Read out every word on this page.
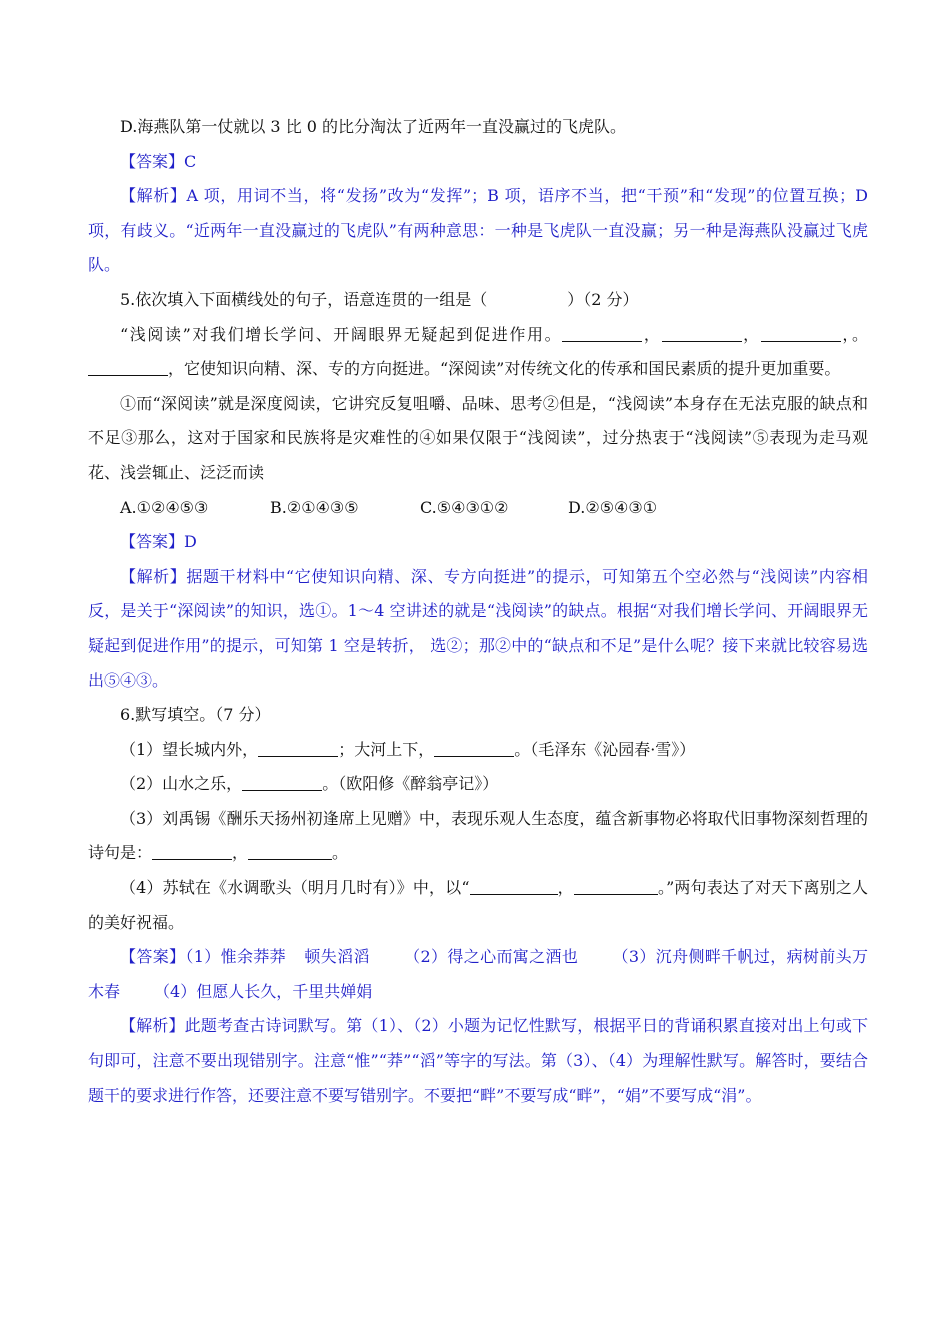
D.海燕队第一仗就以 3 比 0 的比分淘汰了近两年一直没赢过的飞虎队。

【答案】C

【解析】A 项，用词不当，将“发扬”改为“发挥”；B 项，语序不当，把“干预”和“发现”的位置互换；D 项，有歧义。“近两年一直没赢过的飞虎队”有两种意思：一种是飞虎队一直没赢；另一种是海燕队没赢过飞虎队。

5.依次填入下面横线处的句子，语意连贯的一组是（	）（2 分）

“浅阅读”对我们增长学问、开阔眼界无疑起到促进作用。	，	，	，。，它使知识向精、深、专的方向挺进。“深阅读”对传统文化的传承和国民素质的提升更加重要。

①而“深阅读”就是深度阅读，它讲究反复咀嚼、品味、思考②但是，“浅阅读”本身存在无法克服的缺点和不足③那么，这对于国家和民族将是灾难性的④如果仅限于“浅阅读”，过分热衷于“浅阅读”⑤表现为走马观花、浅尝辄止、泛泛而读

A.①②④⑤③	B.②①④③⑤	C.⑤④③①②	D.②⑤④③①

【答案】D

【解析】据题干材料中“它使知识向精、深、专方向挺进”的提示，可知第五个空必然与“浅阅读”内容相反，是关于“深阅读”的知识，选①。1～4 空讲述的就是“浅阅读”的缺点。根据“对我们增长学问、开阔眼界无疑起到促进作用”的提示，可知第 1 空是转折， 选②；那②中的“缺点和不足”是什么呢？接下来就比较容易选出⑤④③。

6.默写填空。（7 分）

（1）望长城内外，	；大河上下，	。（毛泽东《沁园春·雪》）

（2）山水之乐，	。（欧阳修《醉翁亭记》）

（3）刘禹锡《酬乐天扬州初逢席上见赠》中，表现乐观人生态度，蕴含新事物必将取代旧事物深刻哲理的诗句是：	，	。

（4）苏轼在《水调歌头（明月几时有）》中，以“	，	。”两句表达了对天下离别之人的美好祝福。

【答案】（1）惟余莽莽 顿失滔滔 （2）得之心而寓之酒也 （3）沉舟侧畔千帆过，病树前头万木春 （4）但愿人长久，千里共婵娟

【解析】此题考查古诗词默写。第（1）、（2）小题为记忆性默写，根据平日的背诵积累直接对出上句或下句即可，注意不要出现错别字。注意“惟”“莽”“滔”等字的写法。第（3）、（4）为理解性默写。解答时，要结合题干的要求进行作答，还要注意不要写错别字。不要把“畔”不要写成“畔”，“娟”不要写成“涓”。
